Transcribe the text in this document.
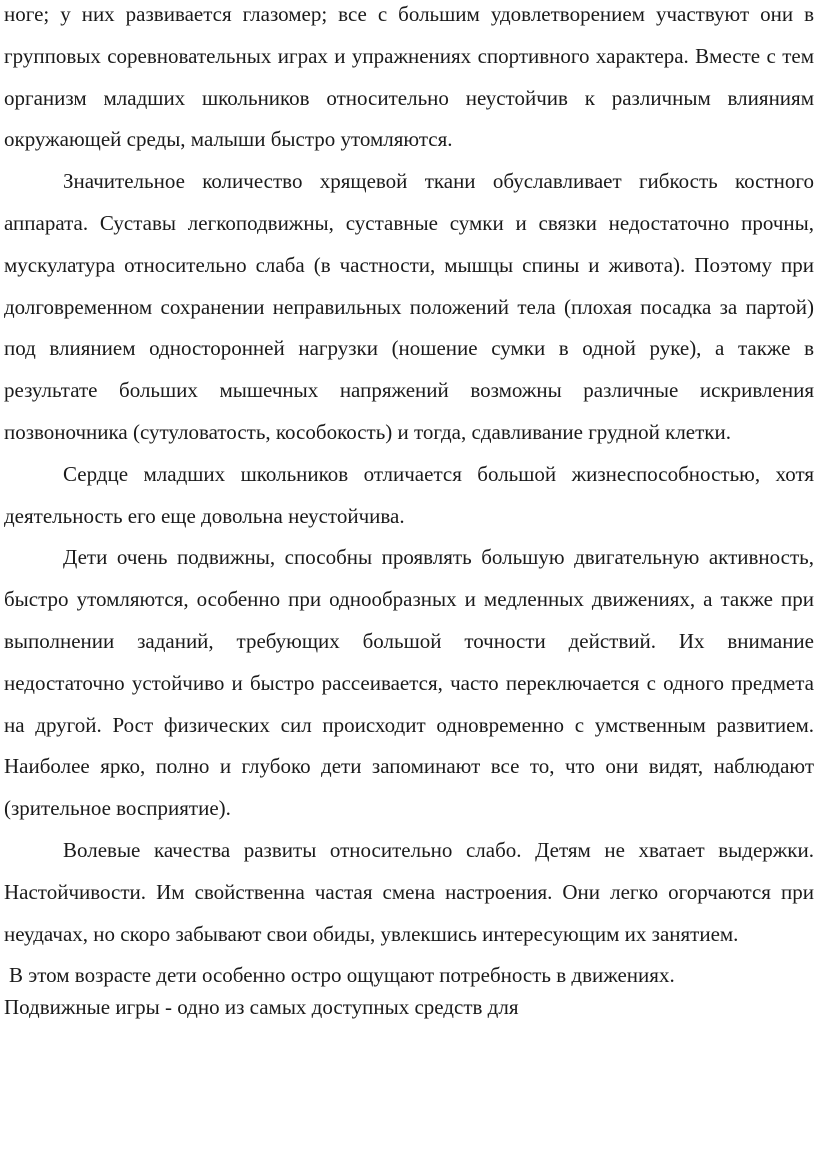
ноге; у них развивается глазомер; все с большим удовлетворением участвуют они в групповых соревновательных играх и упражнениях спортивного характера. Вместе с тем организм младших школьников относительно неустойчив к различным влияниям окружающей среды, малыши быстро утомляются.

Значительное количество хрящевой ткани обуславливает гибкость костного аппарата. Суставы легкоподвижны, суставные сумки и связки недостаточно прочны, мускулатура относительно слаба (в частности, мышцы спины и живота). Поэтому при долговременном сохранении неправильных положений тела (плохая посадка за партой) под влиянием односторонней нагрузки (ношение сумки в одной руке), а также в результате больших мышечных напряжений возможны различные искривления позвоночника (сутуловатость, кособокость) и тогда, сдавливание грудной клетки.

Сердце младших школьников отличается большой жизнеспособностью, хотя деятельность его еще довольна неустойчива.

Дети очень подвижны, способны проявлять большую двигательную активность, быстро утомляются, особенно при однообразных и медленных движениях, а также при выполнении заданий, требующих большой точности действий. Их внимание недостаточно устойчиво и быстро рассеивается, часто переключается с одного предмета на другой. Рост физических сил происходит одновременно с умственным развитием. Наиболее ярко, полно и глубоко дети запоминают все то, что они видят, наблюдают (зрительное восприятие).

Волевые качества развиты относительно слабо. Детям не хватает выдержки. Настойчивости. Им свойственна частая смена настроения. Они легко огорчаются при неудачах, но скоро забывают свои обиды, увлекшись интересующим их занятием.

В этом возрасте дети особенно остро ощущают потребность в движениях.
Подвижные игры - одно из самых доступных средств для
